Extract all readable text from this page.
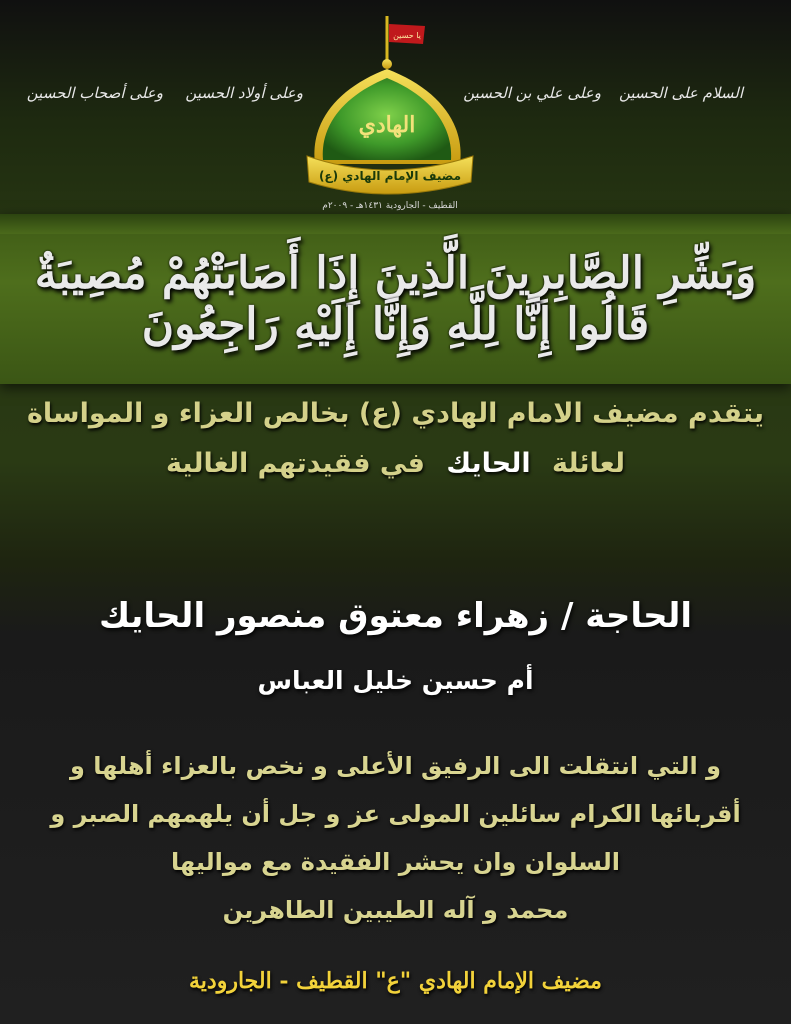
السلام على الحسين
وعلى علي بن الحسين
وعلى أولاد الحسين
وعلى أصحاب الحسين
يا حسين
الهادي
مضيف الإمام الهادي (ع)
القطيف - الجارودية ١٤٣١هـ - ٢٠٠٩م
وَبَشِّرِ الصَّابِرِينَ الَّذِينَ إِذَا أَصَابَتْهُمْ مُصِيبَةٌ قَالُوا إِنَّا لِلَّهِ وَإِنَّا إِلَيْهِ رَاجِعُونَ
يتقدم مضيف الامام الهادي (ع) بخالص العزاء و المواساة
لعائلة الحايك في فقيدتهم الغالية
الحاجة / زهراء معتوق منصور الحايك
أم حسين خليل العباس
و التي انتقلت الى الرفيق الأعلى و نخص بالعزاء أهلها و
أقربائها الكرام سائلين المولى عز و جل أن يلهمهم الصبر و
السلوان وان يحشر الفقيدة مع مواليها
محمد و آله الطيبين الطاهرين
مضيف الإمام الهادي "ع" القطيف - الجارودية
